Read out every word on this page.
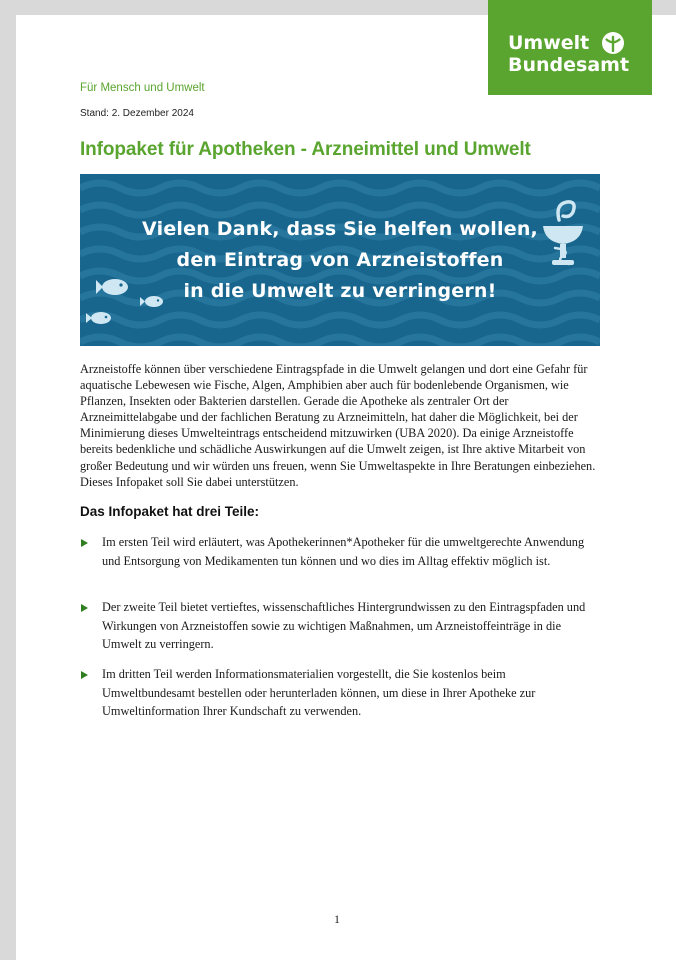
Umwelt
Bundesamt
Für Mensch und Umwelt
Stand: 2. Dezember 2024
Infopaket für Apotheken - Arzneimittel und Umwelt
Vielen Dank, dass Sie helfen wollen,
den Eintrag von Arzneistoffen
in die Umwelt zu verringern!

Arzneistoffe können über verschiedene Eintragspfade in die Umwelt gelangen und dort eine Gefahr für aquatische Lebewesen wie Fische, Algen, Amphibien aber auch für bodenlebende Organismen, wie Pflanzen, Insekten oder Bakterien darstellen. Gerade die Apotheke als zentraler Ort der Arzneimittelabgabe und der fachlichen Beratung zu Arzneimitteln, hat daher die Möglichkeit, bei der Minimierung dieses Umwelteintrags entscheidend mitzuwirken (UBA 2020). Da einige Arzneistoffe bereits bedenkliche und schädliche Auswirkungen auf die Umwelt zeigen, ist Ihre aktive Mitarbeit von großer Bedeutung und wir würden uns freuen, wenn Sie Umweltaspekte in Ihre Beratungen einbeziehen. Dieses Infopaket soll Sie dabei unterstützen.

Das Infopaket hat drei Teile:
Im ersten Teil wird erläutert, was Apothekerinnen*Apotheker für die umweltgerechte Anwendung und Entsorgung von Medikamenten tun können und wo dies im Alltag effektiv möglich ist.
Der zweite Teil bietet vertieftes, wissenschaftliches Hintergrundwissen zu den Eintragspfaden und Wirkungen von Arzneistoffen sowie zu wichtigen Maßnahmen, um Arzneistoffeinträge in die Umwelt zu verringern.
Im dritten Teil werden Informationsmaterialien vorgestellt, die Sie kostenlos beim Umweltbundesamt bestellen oder herunterladen können, um diese in Ihrer Apotheke zur Umweltinformation Ihrer Kundschaft zu verwenden.
1
